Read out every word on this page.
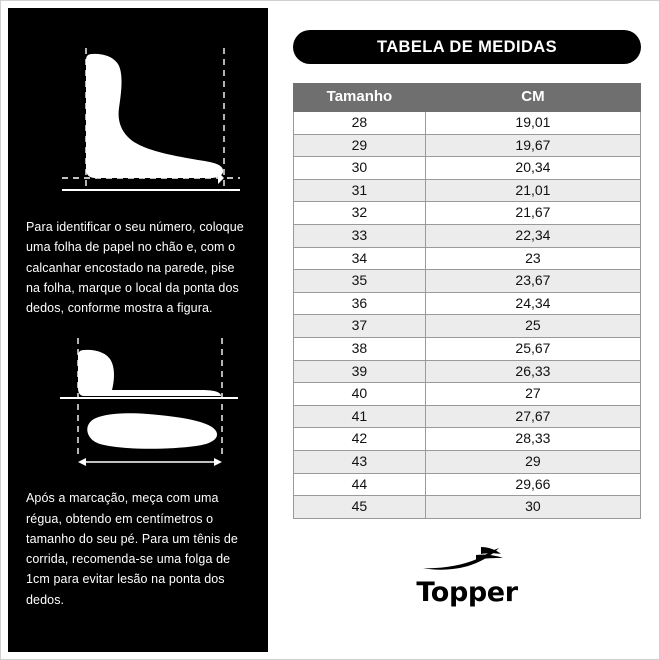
Para identificar o seu número, coloque uma folha de papel no chão e, com o calcanhar encostado na parede, pise na folha, marque o local da ponta dos dedos, conforme mostra a figura.

Após a marcação, meça com uma régua, obtendo em centímetros o tamanho do seu pé. Para um tênis de corrida, recomenda-se uma folga de 1cm para evitar lesão na ponta dos dedos.

TABELA DE MEDIDAS
Tamanho	CM
28	19,01
29	19,67
30	20,34
31	21,01
32	21,67
33	22,34
34	23
35	23,67
36	24,34
37	25
38	25,67
39	26,33
40	27
41	27,67
42	28,33
43	29
44	29,66
45	30
Topper
